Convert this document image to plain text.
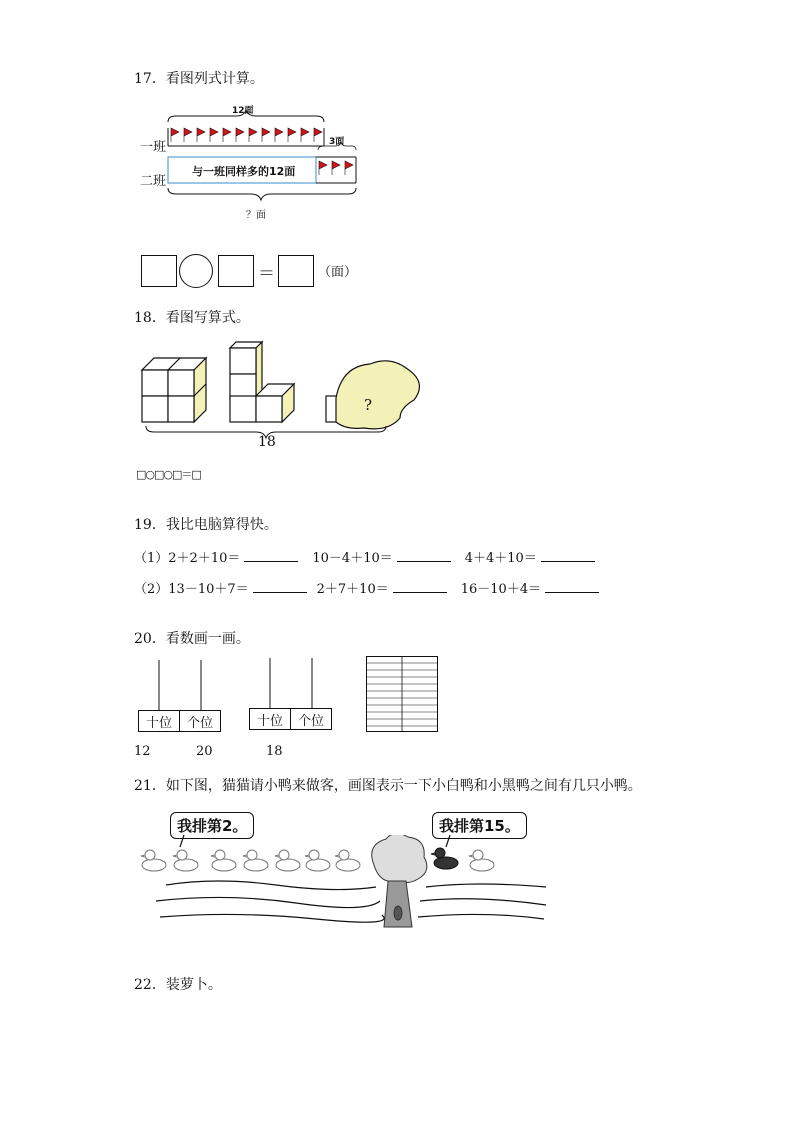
17．看图列式计算。
12面
一班
二班
3面
与一班同样多的12面
？面
＝	（面）
18．看图写算式。
?
18
□○□○□＝□
19．我比电脑算得快。
（1）2＋2＋10＝	10－4＋10＝	4＋4＋10＝
（2）13－10＋7＝	2＋7＋10＝	16－10＋4＝
20．看数画一画。
十位	个位	十位	个位
12	20	18
21．如下图，猫猫请小鸭来做客，画图表示一下小白鸭和小黑鸭之间有几只小鸭。
我排第2。	我排第15。
22．装萝卜。
